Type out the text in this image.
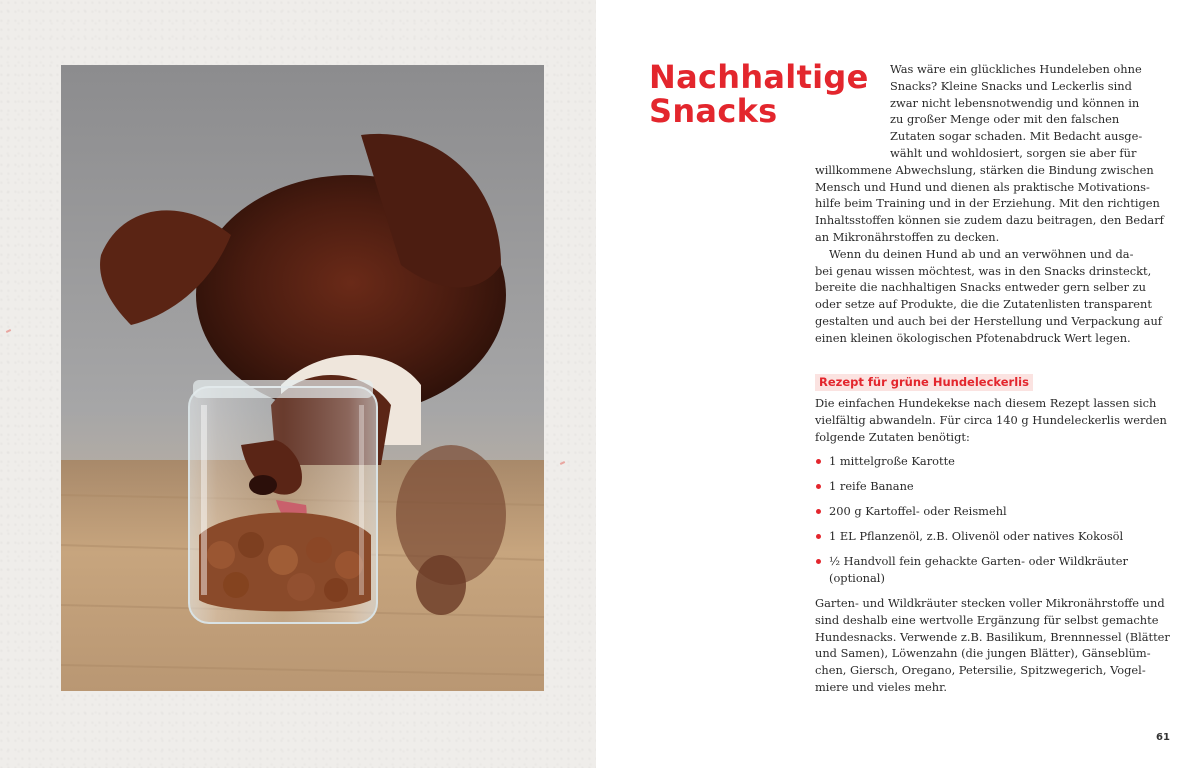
Nachhaltige
Snacks

Was wäre ein glückliches Hundeleben ohne
Snacks? Kleine Snacks und Leckerlis sind
zwar nicht lebensnotwendig und können in
zu großer Menge oder mit den falschen
Zutaten sogar schaden. Mit Bedacht ausge-
wählt und wohldosiert, sorgen sie aber für
willkommene Abwechslung, stärken die Bindung zwischen
Mensch und Hund und dienen als praktische Motivations-
hilfe beim Training und in der Erziehung. Mit den richtigen
Inhaltsstoffen können sie zudem dazu beitragen, den Bedarf
an Mikronährstoffen zu decken.
Wenn du deinen Hund ab und an verwöhnen und da-
bei genau wissen möchtest, was in den Snacks drinsteckt,
bereite die nachhaltigen Snacks entweder gern selber zu
oder setze auf Produkte, die die Zutatenlisten transparent
gestalten und auch bei der Herstellung und Verpackung auf
einen kleinen ökologischen Pfotenabdruck Wert legen.

Rezept für grüne Hundeleckerlis

Die einfachen Hundekekse nach diesem Rezept lassen sich
vielfältig abwandeln. Für circa 140 g Hundeleckerlis werden
folgende Zutaten benötigt:

1 mittelgroße Karotte
1 reife Banane
200 g Kartoffel- oder Reismehl
1 EL Pflanzenöl, z.B. Olivenöl oder natives Kokosöl
½ Handvoll fein gehackte Garten- oder Wildkräuter
(optional)

Garten- und Wildkräuter stecken voller Mikronährstoffe und
sind deshalb eine wertvolle Ergänzung für selbst gemachte
Hundesnacks. Verwende z.B. Basilikum, Brennnessel (Blätter
und Samen), Löwenzahn (die jungen Blätter), Gänseblüm-
chen, Giersch, Oregano, Petersilie, Spitzwegerich, Vogel-
miere und vieles mehr.

61
